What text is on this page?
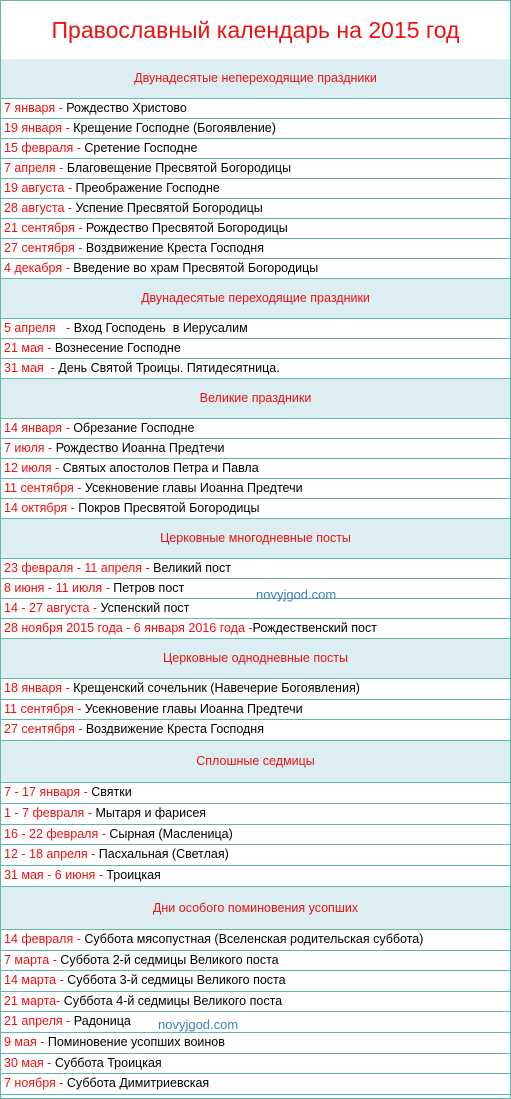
Православный календарь на 2015 год
Двунадесятые непереходящие праздники
7 января - Рождество Христово
19 января - Крещение Господне (Богоявление)
15 февраля - Сретение Господне
7 апреля - Благовещение Пресвятой Богородицы
19 августа - Преображение Господне
28 августа - Успение Пресвятой Богородицы
21 сентября - Рождество Пресвятой Богородицы
27 сентября - Воздвижение Креста Господня
4 декабря - Введение во храм Пресвятой Богородицы
Двунадесятые переходящие праздники
5 апреля   - Вход Господень  в Иерусалим
21 мая - Вознесение Господне
31 мая  - День Святой Троицы. Пятидесятница.
Великие праздники
14 января - Обрезание Господне
7 июля - Рождество Иоанна Предтечи
12 июля - Святых апостолов Петра и Павла
11 сентября - Усекновение главы Иоанна Предтечи
14 октября - Покров Пресвятой Богородицы
Церковные многодневные посты
23 февраля - 11 апреля - Великий пост
8 июня - 11 июля - Петров пост
14 - 27 августа - Успенский пост
28 ноября 2015 года - 6 января 2016 года -Рождественский пост
Церковные однодневные посты
18 января - Крещенский сочельник (Навечерие Богоявления)
11 сентября - Усекновение главы Иоанна Предтечи
27 сентября - Воздвижение Креста Господня
Сплошные седмицы
7 - 17 января - Святки
1 - 7 февраля - Мытаря и фарисея
16 - 22 февраля - Сырная (Масленица)
12 - 18 апреля - Пасхальная (Светлая)
31 мая - 6 июня - Троицкая
Дни особого поминовения усопших
14 февраля - Суббота мясопустная (Вселенская родительская суббота)
7 марта - Суббота 2-й седмицы Великого поста
14 марта - Суббота 3-й седмицы Великого поста
21 марта- Суббота 4-й седмицы Великого поста
21 апреля - Радоница
9 мая - Поминовение усопших воинов
30 мая - Суббота Троицкая
7 ноября - Суббота Димитриевская
novyjgod.com
novyjgod.com
